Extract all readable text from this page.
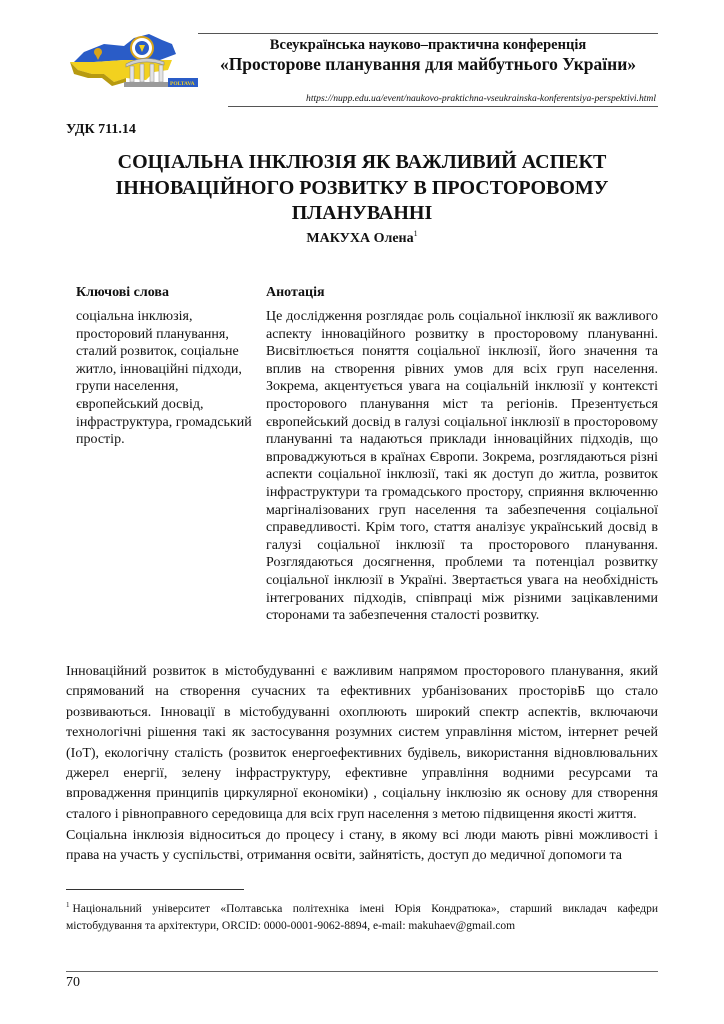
POLTAVA
Всеукраїнська науково–практична конференція
«Просторове планування для майбутнього України»
https://nupp.edu.ua/event/naukovo-praktichna-vseukrainska-konferentsiya-perspektivi.html
УДК 711.14
СОЦІАЛЬНА ІНКЛЮЗІЯ ЯК ВАЖЛИВИЙ АСПЕКТ ІННОВАЦІЙНОГО РОЗВИТКУ В ПРОСТОРОВОМУ ПЛАНУВАННІ
МАКУХА Олена$^1$
Ключові слова
соціальна інклюзія, просторовий планування, сталий розвиток, соціальне житло, інноваційні підходи, групи населення, європейський досвід, інфраструктура, громадський простір.
Анотація
Це дослідження розглядає роль соціальної інклюзії як важливого аспекту інноваційного розвитку в просторовому плануванні. Висвітлюється поняття соціальної інклюзії, його значення та вплив на створення рівних умов для всіх груп населення. Зокрема, акцентується увага на соціальній інклюзії у контексті просторового планування міст та регіонів. Презентується європейський досвід в галузі соціальної інклюзії в просторовому плануванні та надаються приклади інноваційних підходів, що впроваджуються в країнах Європи. Зокрема, розглядаються різні аспекти соціальної інклюзії, такі як доступ до житла, розвиток інфраструктури та громадського простору, сприяння включенню маргіналізованих груп населення та забезпечення соціальної справедливості. Крім того, стаття аналізує український досвід в галузі соціальної інклюзії та просторового планування. Розглядаються досягнення, проблеми та потенціал розвитку соціальної інклюзії в Україні. Звертається увага на необхідність інтегрованих підходів, співпраці між різними зацікавленими сторонами та забезпечення сталості розвитку.
Інноваційний розвиток в містобудуванні є важливим напрямом просторового планування, який спрямований на створення сучасних та ефективних урбанізованих просторівБ що стало розвиваються. Інновації в містобудуванні охоплюють широкий спектр аспектів, включаючи технологічні рішення такі як застосування розумних систем управління містом, інтернет речей (IoT), екологічну сталість (розвиток енергоефективних будівель, використання відновлювальних джерел енергії, зелену інфраструктуру, ефективне управління водними ресурсами та впровадження принципів циркулярної економіки) , соціальну інклюзію як основу для створення сталого і рівноправного середовища для всіх груп населення з метою підвищення якості життя.
Соціальна інклюзія відноситься до процесу і стану, в якому всі люди мають рівні можливості і права на участь у суспільстві, отримання освіти, зайнятість, доступ до медичної допомоги та
$^1$ Національний університет «Полтавська політехніка імені Юрія Кондратюка», старший викладач кафедри містобудування та архітектури, ORCID: 0000-0001-9062-8894, e-mail: makuhaev@gmail.com
70
